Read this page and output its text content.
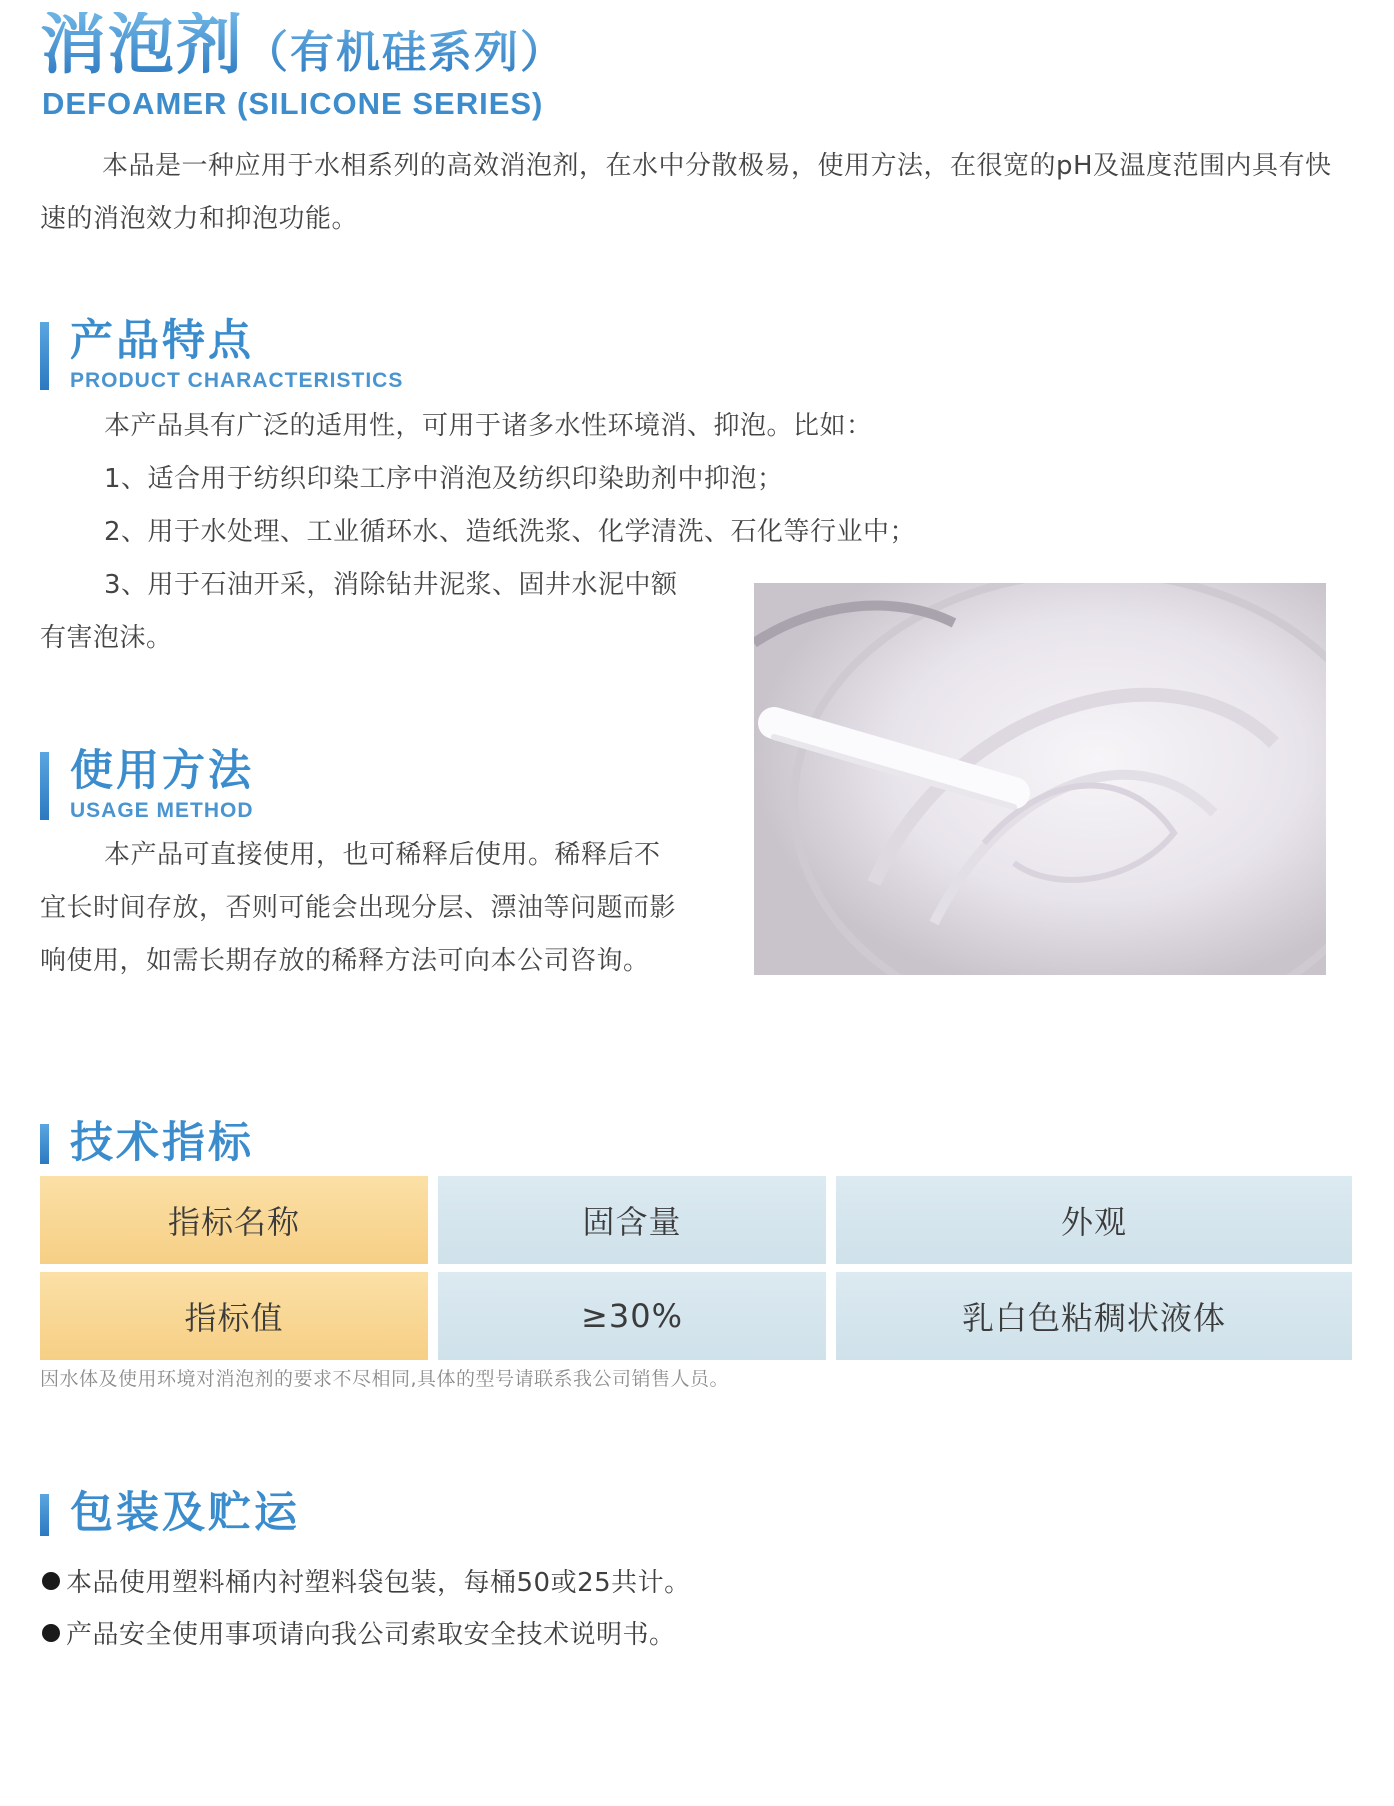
消泡剂（有机硅系列）
DEFOAMER (SILICONE SERIES)
本品是一种应用于水相系列的高效消泡剂，在水中分散极易，使用方法，在很宽的pH及温度范围内具有快速的消泡效力和抑泡功能。
产品特点
PRODUCT CHARACTERISTICS
本产品具有广泛的适用性，可用于诸多水性环境消、抑泡。比如：
1、适合用于纺织印染工序中消泡及纺织印染助剂中抑泡；
2、用于水处理、工业循环水、造纸洗浆、化学清洗、石化等行业中；
3、用于石油开采，消除钻井泥浆、固井水泥中额
有害泡沫。
使用方法
USAGE METHOD
本产品可直接使用，也可稀释后使用。稀释后不
宜长时间存放，否则可能会出现分层、漂油等问题而影
响使用，如需长期存放的稀释方法可向本公司咨询。
技术指标
指标名称	固含量	外观
指标值	≥30%	乳白色粘稠状液体
因水体及使用环境对消泡剂的要求不尽相同,具体的型号请联系我公司销售人员。
包装及贮运
本品使用塑料桶内衬塑料袋包装，每桶50或25共计。
产品安全使用事项请向我公司索取安全技术说明书。
